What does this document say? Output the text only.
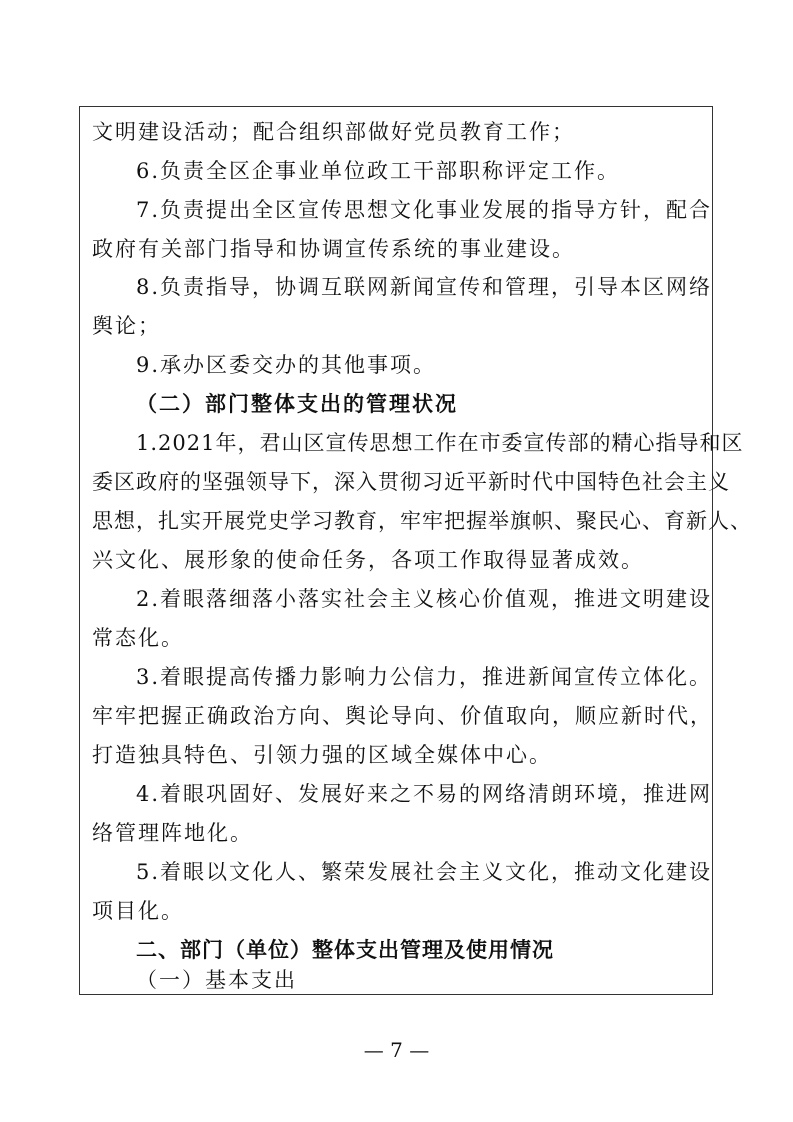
文明建设活动；配合组织部做好党员教育工作；
6.负责全区企事业单位政工干部职称评定工作。
7.负责提出全区宣传思想文化事业发展的指导方针，配合
政府有关部门指导和协调宣传系统的事业建设。
8.负责指导，协调互联网新闻宣传和管理，引导本区网络
舆论；
9.承办区委交办的其他事项。
（二）部门整体支出的管理状况
1.2021年，君山区宣传思想工作在市委宣传部的精心指导和区
委区政府的坚强领导下，深入贯彻习近平新时代中国特色社会主义
思想，扎实开展党史学习教育，牢牢把握举旗帜、聚民心、育新人、
兴文化、展形象的使命任务，各项工作取得显著成效。
2.着眼落细落小落实社会主义核心价值观，推进文明建设
常态化。
3.着眼提高传播力影响力公信力，推进新闻宣传立体化。
牢牢把握正确政治方向、舆论导向、价值取向，顺应新时代，
打造独具特色、引领力强的区域全媒体中心。
4.着眼巩固好、发展好来之不易的网络清朗环境，推进网
络管理阵地化。
5.着眼以文化人、繁荣发展社会主义文化，推动文化建设
项目化。
二、部门（单位）整体支出管理及使用情况
（一）基本支出
— 7 —
